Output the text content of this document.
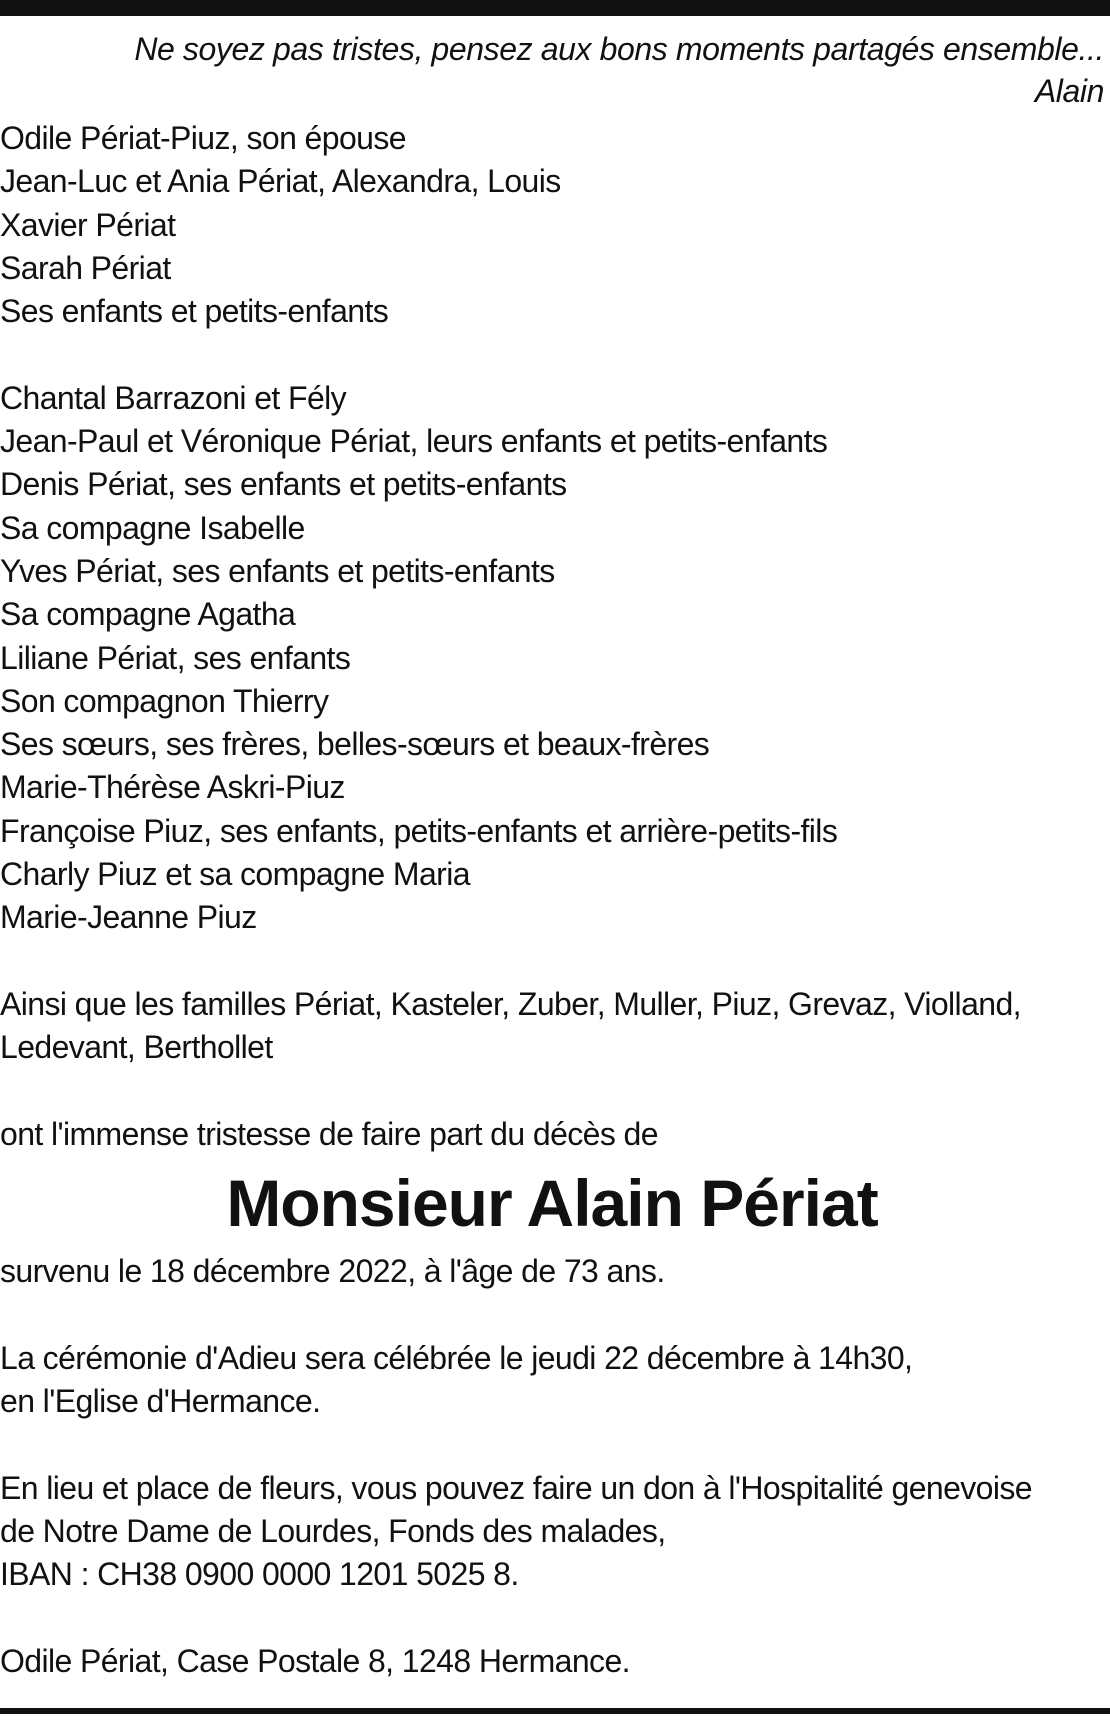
Ne soyez pas tristes, pensez aux bons moments partagés ensemble...
Alain
Odile Périat-Piuz, son épouse
Jean-Luc et Ania Périat, Alexandra, Louis
Xavier Périat
Sarah Périat
Ses enfants et petits-enfants
Chantal Barrazoni et Fély
Jean-Paul et Véronique Périat, leurs enfants et petits-enfants
Denis Périat, ses enfants et petits-enfants
Sa compagne Isabelle
Yves Périat, ses enfants et petits-enfants
Sa compagne Agatha
Liliane Périat, ses enfants
Son compagnon Thierry
Ses sœurs, ses frères, belles-sœurs et beaux-frères
Marie-Thérèse Askri-Piuz
Françoise Piuz, ses enfants, petits-enfants et arrière-petits-fils
Charly Piuz et sa compagne Maria
Marie-Jeanne Piuz
Ainsi que les familles Périat, Kasteler, Zuber, Muller, Piuz, Grevaz, Violland,
Ledevant, Berthollet
ont l'immense tristesse de faire part du décès de
Monsieur Alain Périat
survenu le 18 décembre 2022, à l'âge de 73 ans.
La cérémonie d'Adieu sera célébrée le jeudi 22 décembre à 14h30,
en l'Eglise d'Hermance.
En lieu et place de fleurs, vous pouvez faire un don à l'Hospitalité genevoise
de Notre Dame de Lourdes, Fonds des malades,
IBAN : CH38 0900 0000 1201 5025 8.
Odile Périat, Case Postale 8, 1248 Hermance.
